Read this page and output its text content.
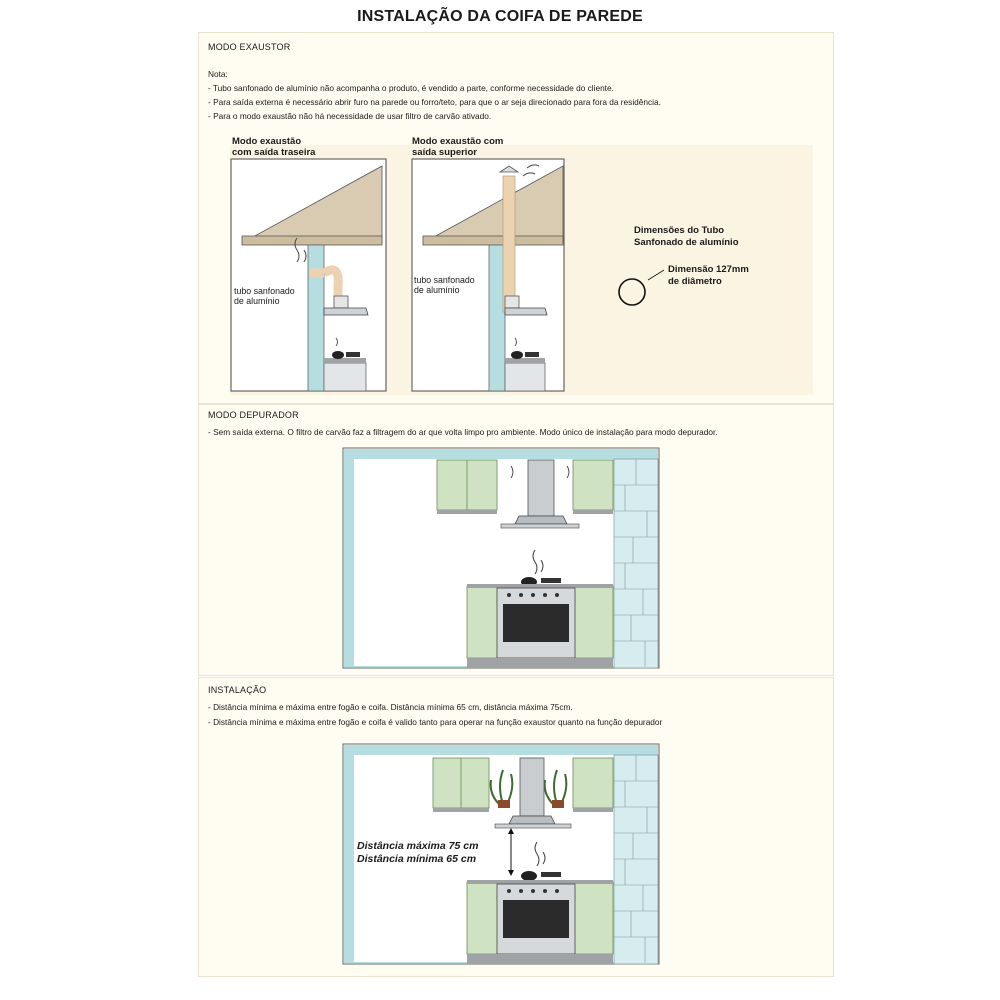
INSTALAÇÃO DA COIFA DE PAREDE
MODO EXAUSTOR
Nota:
- Tubo sanfonado de alumínio não acompanha o produto, é vendido a parte, conforme necessidade do cliente.
- Para saída externa é necessário abrir furo na parede ou forro/teto, para que o ar seja direcionado para fora da residência.
- Para o modo exaustão não há necessidade de usar filtro de carvão ativado.
Modo exaustão
com saída traseira
Modo exaustão com
saída superior
tubo sanfonado
de alumínio
tubo sanfonado
de alumínio
Dimensões do Tubo
Sanfonado de alumínio
Dimensão 127mm
de diâmetro
MODO DEPURADOR
- Sem saída externa. O filtro de carvão faz a filtragem do ar que volta limpo pro ambiente. Modo único de instalação para modo depurador.
INSTALAÇÃO
- Distância mínima e máxima entre fogão e coifa. Distância mínima 65 cm, distância máxima 75cm.
- Distância mínima e máxima entre fogão e coifa é valido tanto para operar na função exaustor quanto na função depurador
Distância máxima 75 cm
Distância mínima 65 cm
